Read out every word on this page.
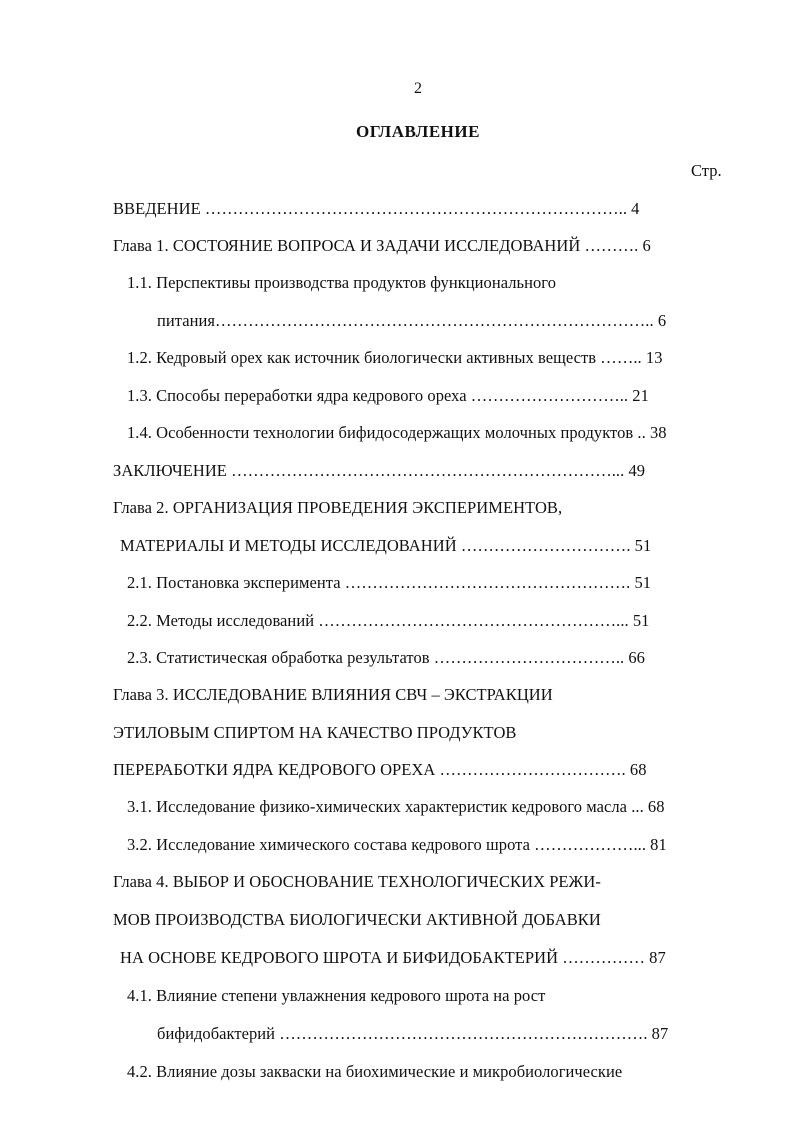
2
ОГЛАВЛЕНИЕ
Стр.
ВВЕДЕНИЕ ………………………………………………………………….. 4
Глава 1. СОСТОЯНИЕ ВОПРОСА И ЗАДАЧИ ИССЛЕДОВАНИЙ ………. 6
1.1. Перспективы производства продуктов функционального
питания…………………………………………………………………….. 6
1.2. Кедровый орех как источник биологически активных веществ …….. 13
1.3. Способы переработки ядра кедрового ореха ……………………….. 21
1.4. Особенности технологии бифидосодержащих молочных продуктов .. 38
ЗАКЛЮЧЕНИЕ ……………………………………………………………... 49
Глава 2. ОРГАНИЗАЦИЯ ПРОВЕДЕНИЯ ЭКСПЕРИМЕНТОВ,
МАТЕРИАЛЫ И МЕТОДЫ ИССЛЕДОВАНИЙ …………………………. 51
2.1. Постановка эксперимента ……………………………………………. 51
2.2. Методы исследований ………………………………………………... 51
2.3. Статистическая обработка результатов …………………………….. 66
Глава 3. ИССЛЕДОВАНИЕ ВЛИЯНИЯ СВЧ – ЭКСТРАКЦИИ
ЭТИЛОВЫМ СПИРТОМ НА КАЧЕСТВО ПРОДУКТОВ
ПЕРЕРАБОТКИ ЯДРА КЕДРОВОГО ОРЕХА ……………………………. 68
3.1. Исследование физико-химических характеристик кедрового масла ... 68
3.2. Исследование химического состава кедрового шрота ………………... 81
Глава 4. ВЫБОР И ОБОСНОВАНИЕ ТЕХНОЛОГИЧЕСКИХ РЕЖИ-
МОВ ПРОИЗВОДСТВА БИОЛОГИЧЕСКИ АКТИВНОЙ ДОБАВКИ
НА ОСНОВЕ КЕДРОВОГО ШРОТА И БИФИДОБАКТЕРИЙ …………… 87
4.1. Влияние степени увлажнения кедрового шрота на рост
бифидобактерий …………………………………………………………. 87
4.2. Влияние дозы закваски на биохимические и микробиологические
